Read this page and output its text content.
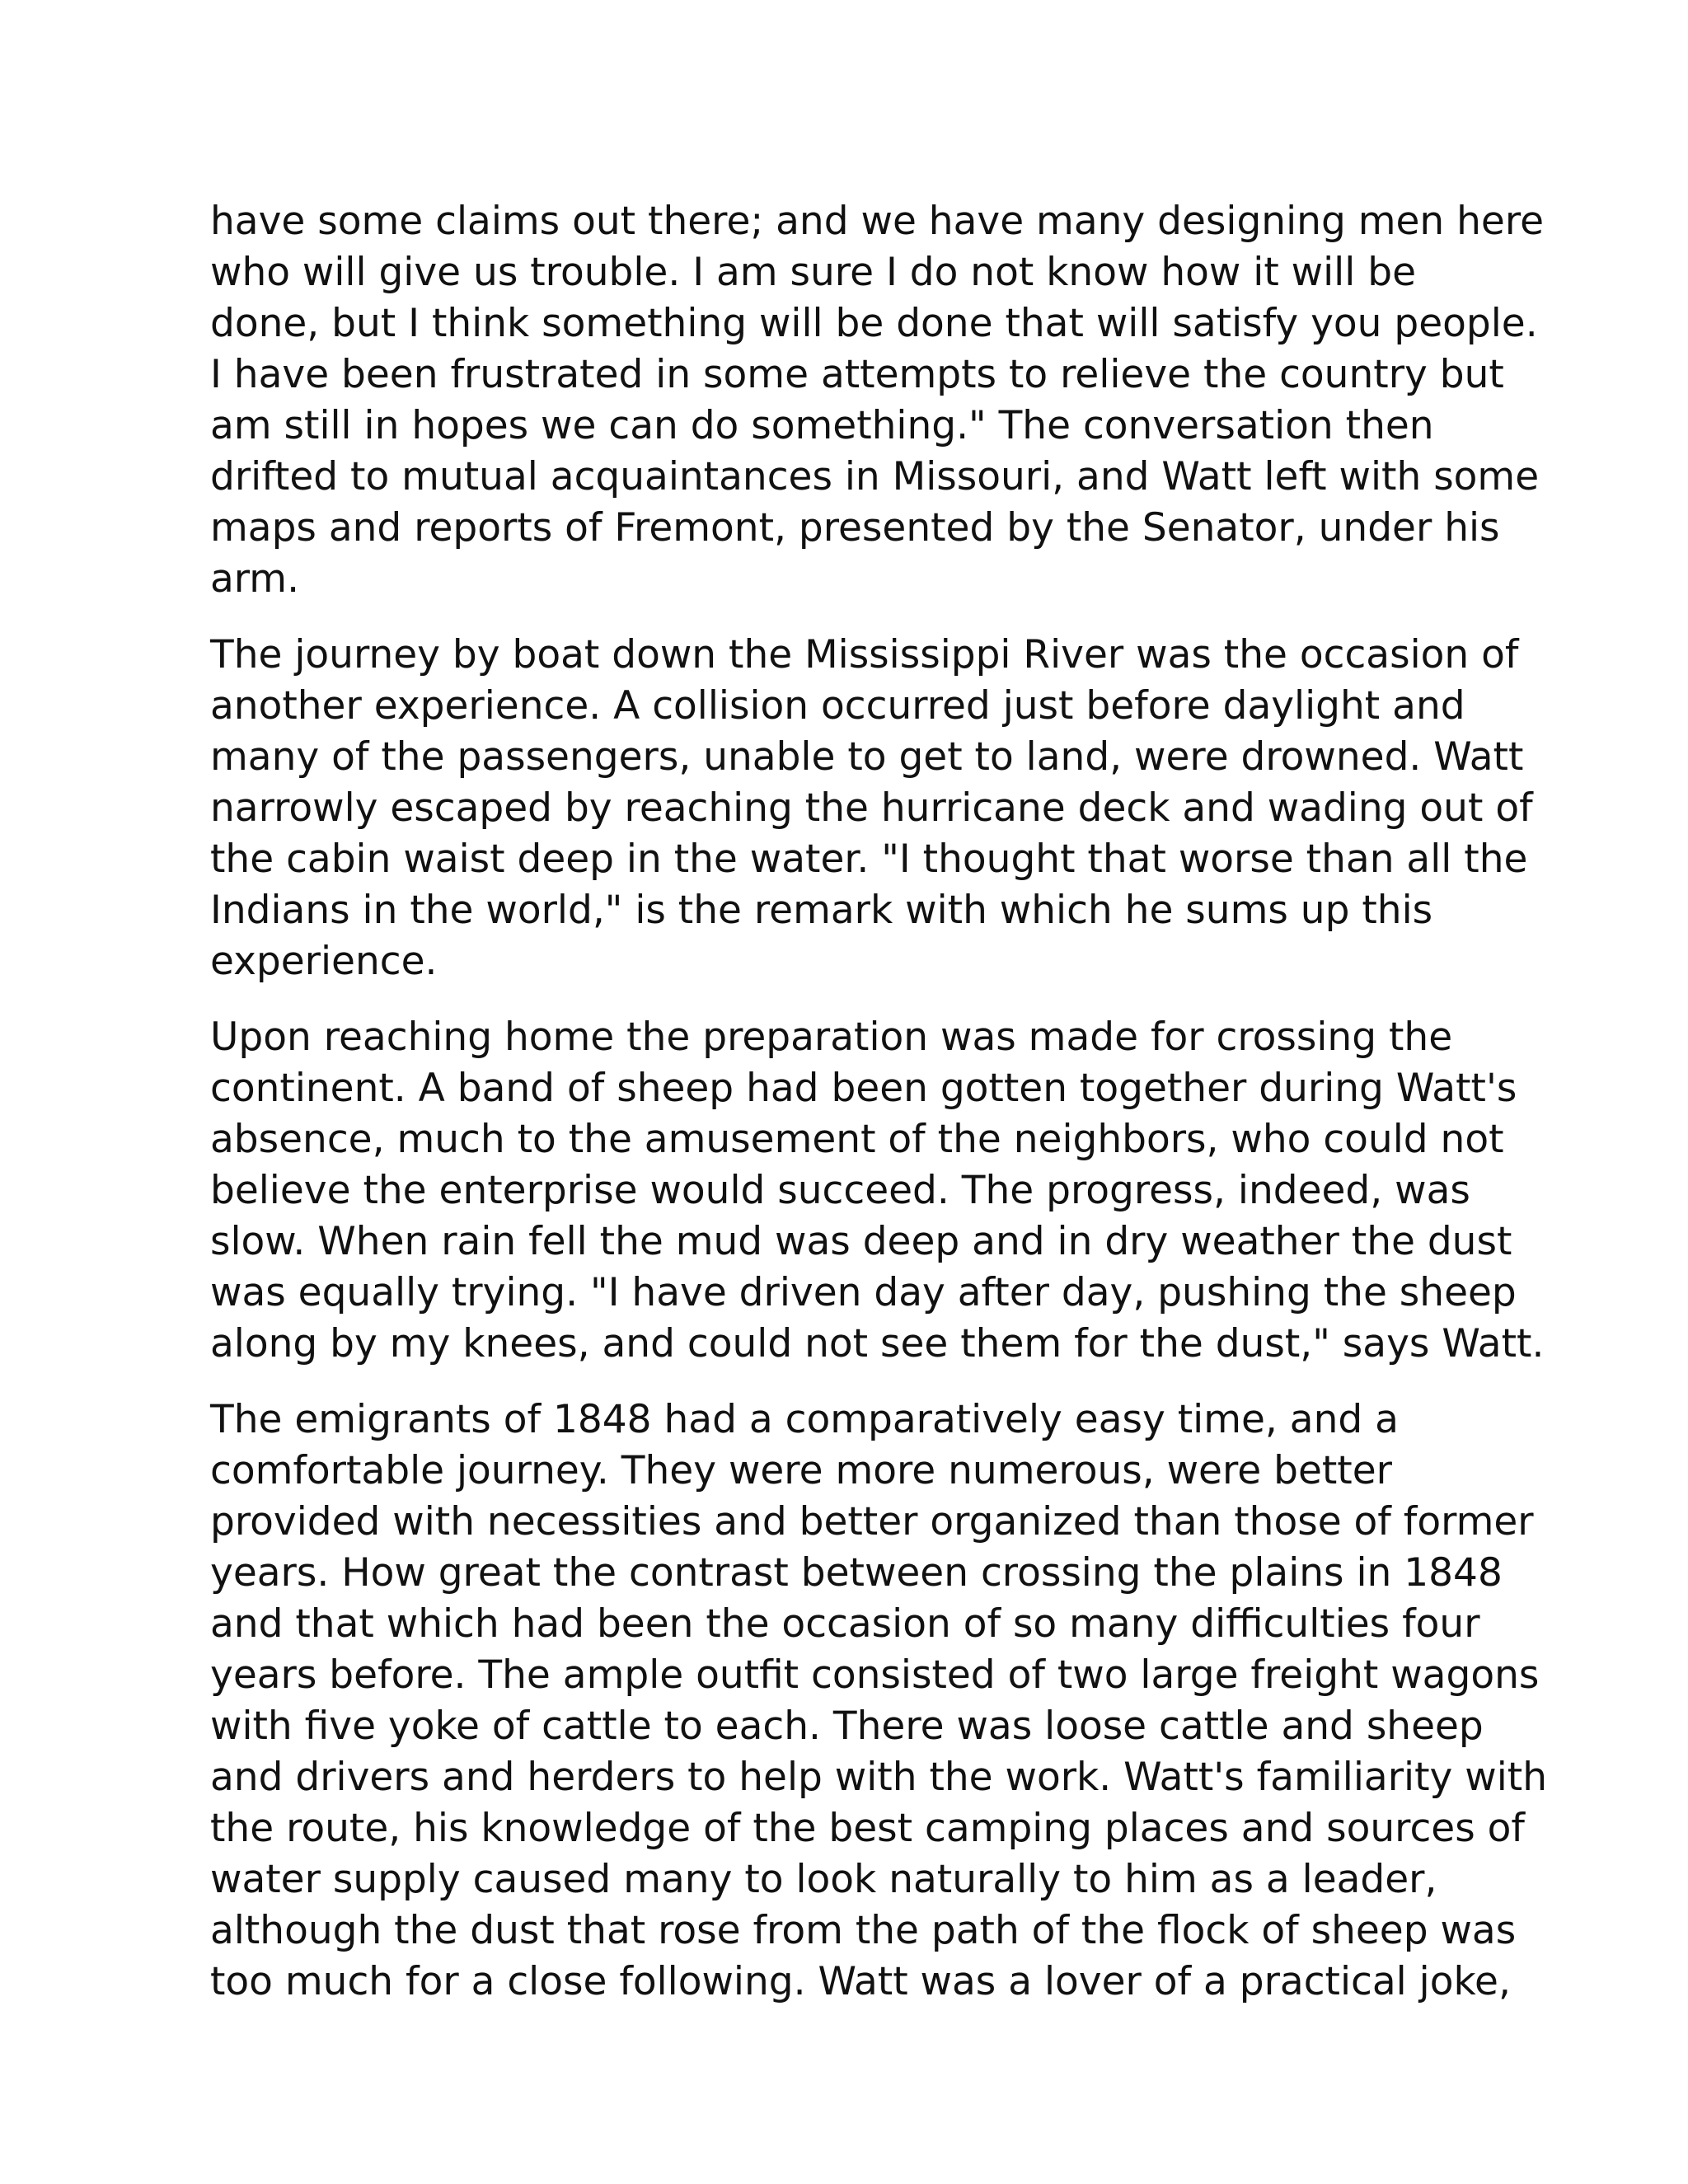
have some claims out there; and we have many designing men here
who will give us trouble. I am sure I do not know how it will be
done, but I think something will be done that will satisfy you people.
I have been frustrated in some attempts to relieve the country but
am still in hopes we can do something." The conversation then
drifted to mutual acquaintances in Missouri, and Watt left with some
maps and reports of Fremont, presented by the Senator, under his
arm.

The journey by boat down the Mississippi River was the occasion of
another experience. A collision occurred just before daylight and
many of the passengers, unable to get to land, were drowned. Watt
narrowly escaped by reaching the hurricane deck and wading out of
the cabin waist deep in the water. "I thought that worse than all the
Indians in the world," is the remark with which he sums up this
experience.

Upon reaching home the preparation was made for crossing the
continent. A band of sheep had been gotten together during Watt's
absence, much to the amusement of the neighbors, who could not
believe the enterprise would succeed. The progress, indeed, was
slow. When rain fell the mud was deep and in dry weather the dust
was equally trying. "I have driven day after day, pushing the sheep
along by my knees, and could not see them for the dust," says Watt.

The emigrants of 1848 had a comparatively easy time, and a
comfortable journey. They were more numerous, were better
provided with necessities and better organized than those of former
years. How great the contrast between crossing the plains in 1848
and that which had been the occasion of so many difficulties four
years before. The ample outfit consisted of two large freight wagons
with five yoke of cattle to each. There was loose cattle and sheep
and drivers and herders to help with the work. Watt's familiarity with
the route, his knowledge of the best camping places and sources of
water supply caused many to look naturally to him as a leader,
although the dust that rose from the path of the flock of sheep was
too much for a close following. Watt was a lover of a practical joke,
